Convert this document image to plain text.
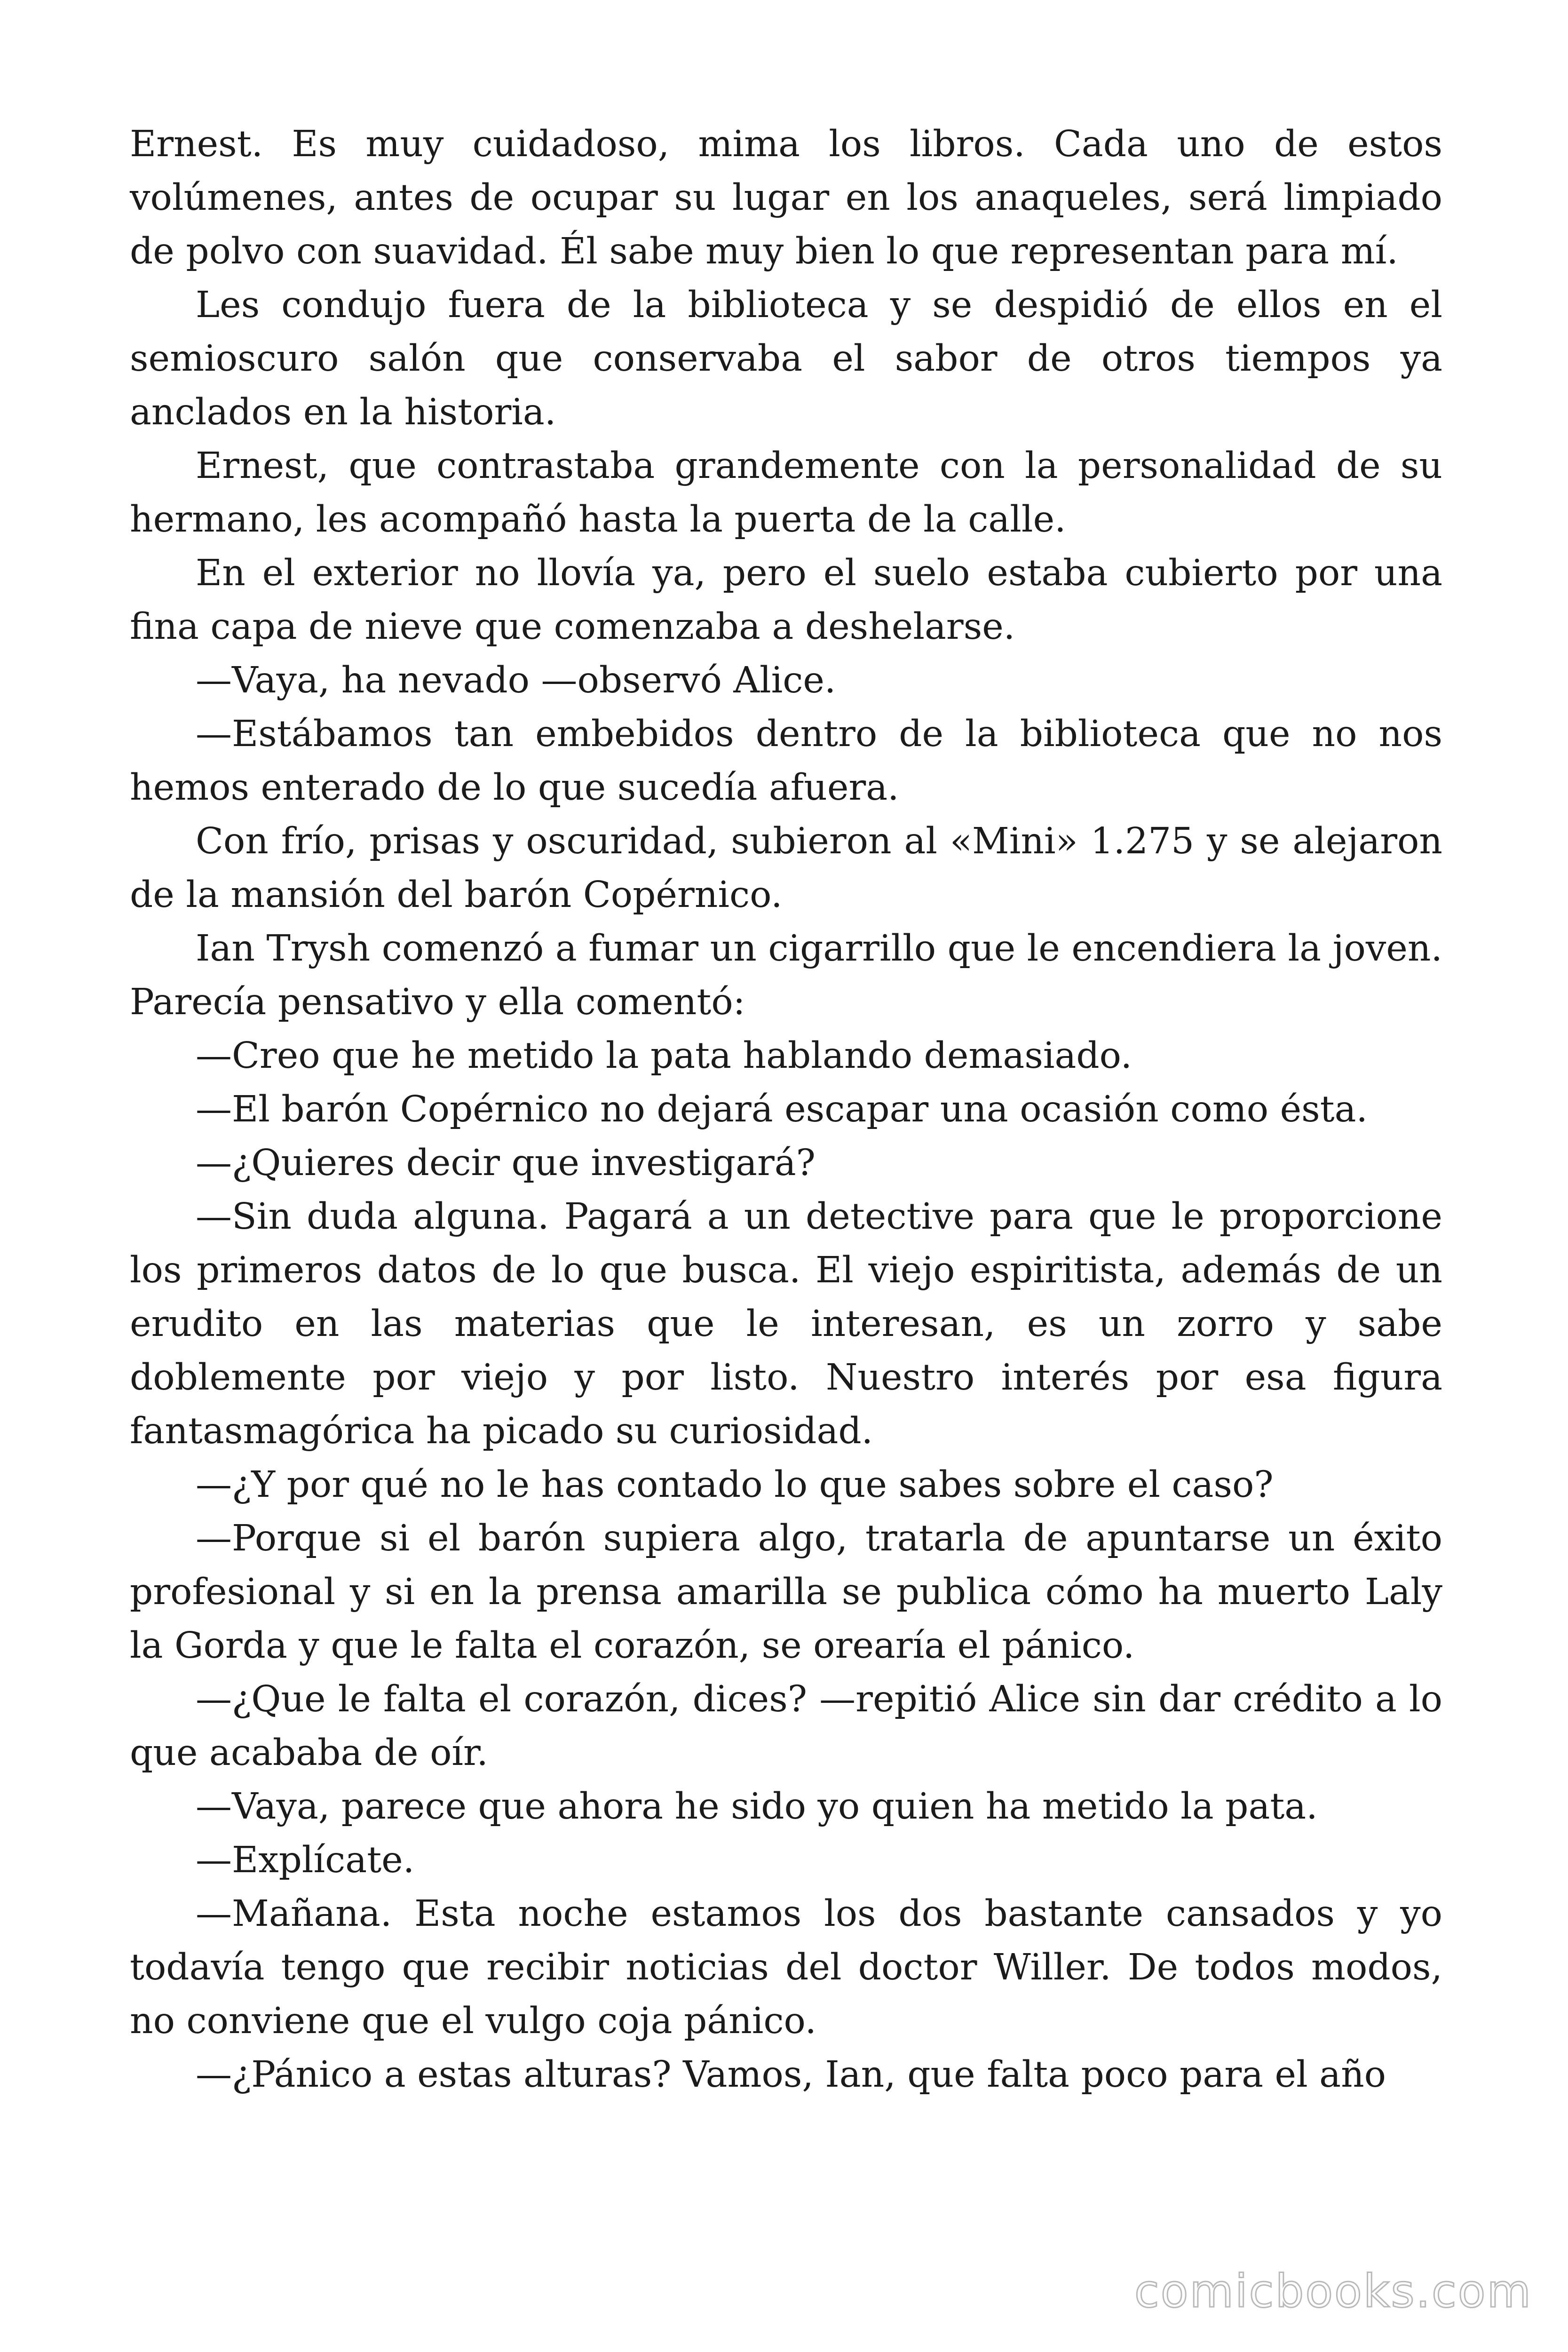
Ernest. Es muy cuidadoso, mima los libros. Cada uno de estos volúmenes, antes de ocupar su lugar en los anaqueles, será limpiado de polvo con suavidad. Él sabe muy bien lo que representan para mí.

Les condujo fuera de la biblioteca y se despidió de ellos en el semioscuro salón que conservaba el sabor de otros tiempos ya anclados en la historia.

Ernest, que contrastaba grandemente con la personalidad de su hermano, les acompañó hasta la puerta de la calle.

En el exterior no llovía ya, pero el suelo estaba cubierto por una fina capa de nieve que comenzaba a deshelarse.

—Vaya, ha nevado —observó Alice.

—Estábamos tan embebidos dentro de la biblioteca que no nos hemos enterado de lo que sucedía afuera.

Con frío, prisas y oscuridad, subieron al «Mini» 1.275 y se alejaron de la mansión del barón Copérnico.

Ian Trysh comenzó a fumar un cigarrillo que le encendiera la joven. Parecía pensativo y ella comentó:

—Creo que he metido la pata hablando demasiado.

—El barón Copérnico no dejará escapar una ocasión como ésta.

—¿Quieres decir que investigará?

—Sin duda alguna. Pagará a un detective para que le proporcione los primeros datos de lo que busca. El viejo espiritista, además de un erudito en las materias que le interesan, es un zorro y sabe doblemente por viejo y por listo. Nuestro interés por esa figura fantasmagórica ha picado su curiosidad.

—¿Y por qué no le has contado lo que sabes sobre el caso?

—Porque si el barón supiera algo, tratarla de apuntarse un éxito profesional y si en la prensa amarilla se publica cómo ha muerto Laly la Gorda y que le falta el corazón, se orearía el pánico.

—¿Que le falta el corazón, dices? —repitió Alice sin dar crédito a lo que acababa de oír.

—Vaya, parece que ahora he sido yo quien ha metido la pata.

—Explícate.

—Mañana. Esta noche estamos los dos bastante cansados y yo todavía tengo que recibir noticias del doctor Willer. De todos modos, no conviene que el vulgo coja pánico.

—¿Pánico a estas alturas? Vamos, Ian, que falta poco para el año

comicbooks.com
